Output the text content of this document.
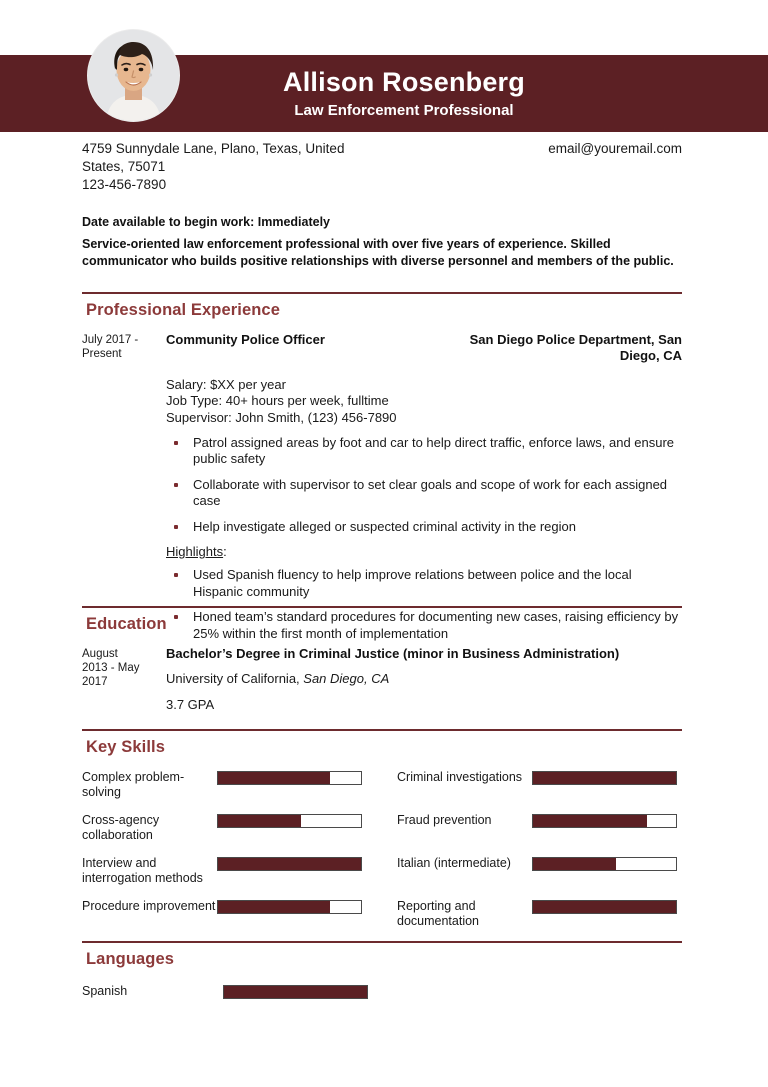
Allison Rosenberg
Law Enforcement Professional
4759 Sunnydale Lane, Plano, Texas, United
States, 75071
123-456-7890
email@youremail.com
Date available to begin work: Immediately
Service-oriented law enforcement professional with over five years of experience. Skilled communicator who builds positive relationships with diverse personnel and members of the public.
Professional Experience
July 2017 -
Present
Community Police Officer	San Diego Police Department, San Diego, CA
Salary: $XX per year
Job Type: 40+ hours per week, fulltime
Supervisor: John Smith, (123) 456-7890
Patrol assigned areas by foot and car to help direct traffic, enforce laws, and ensure public safety
Collaborate with supervisor to set clear goals and scope of work for each assigned case
Help investigate alleged or suspected criminal activity in the region
Highlights:
Used Spanish fluency to help improve relations between police and the local Hispanic community
Honed team’s standard procedures for documenting new cases, raising efficiency by 25% within the first month of implementation
Education
August
2013 - May
2017
Bachelor’s Degree in Criminal Justice (minor in Business Administration)
University of California, San Diego, CA
3.7 GPA
Key Skills
Complex problem-solving
Criminal investigations
Cross-agency collaboration
Fraud prevention
Interview and interrogation methods
Italian (intermediate)
Procedure improvement	Reporting and documentation
Languages
Spanish
